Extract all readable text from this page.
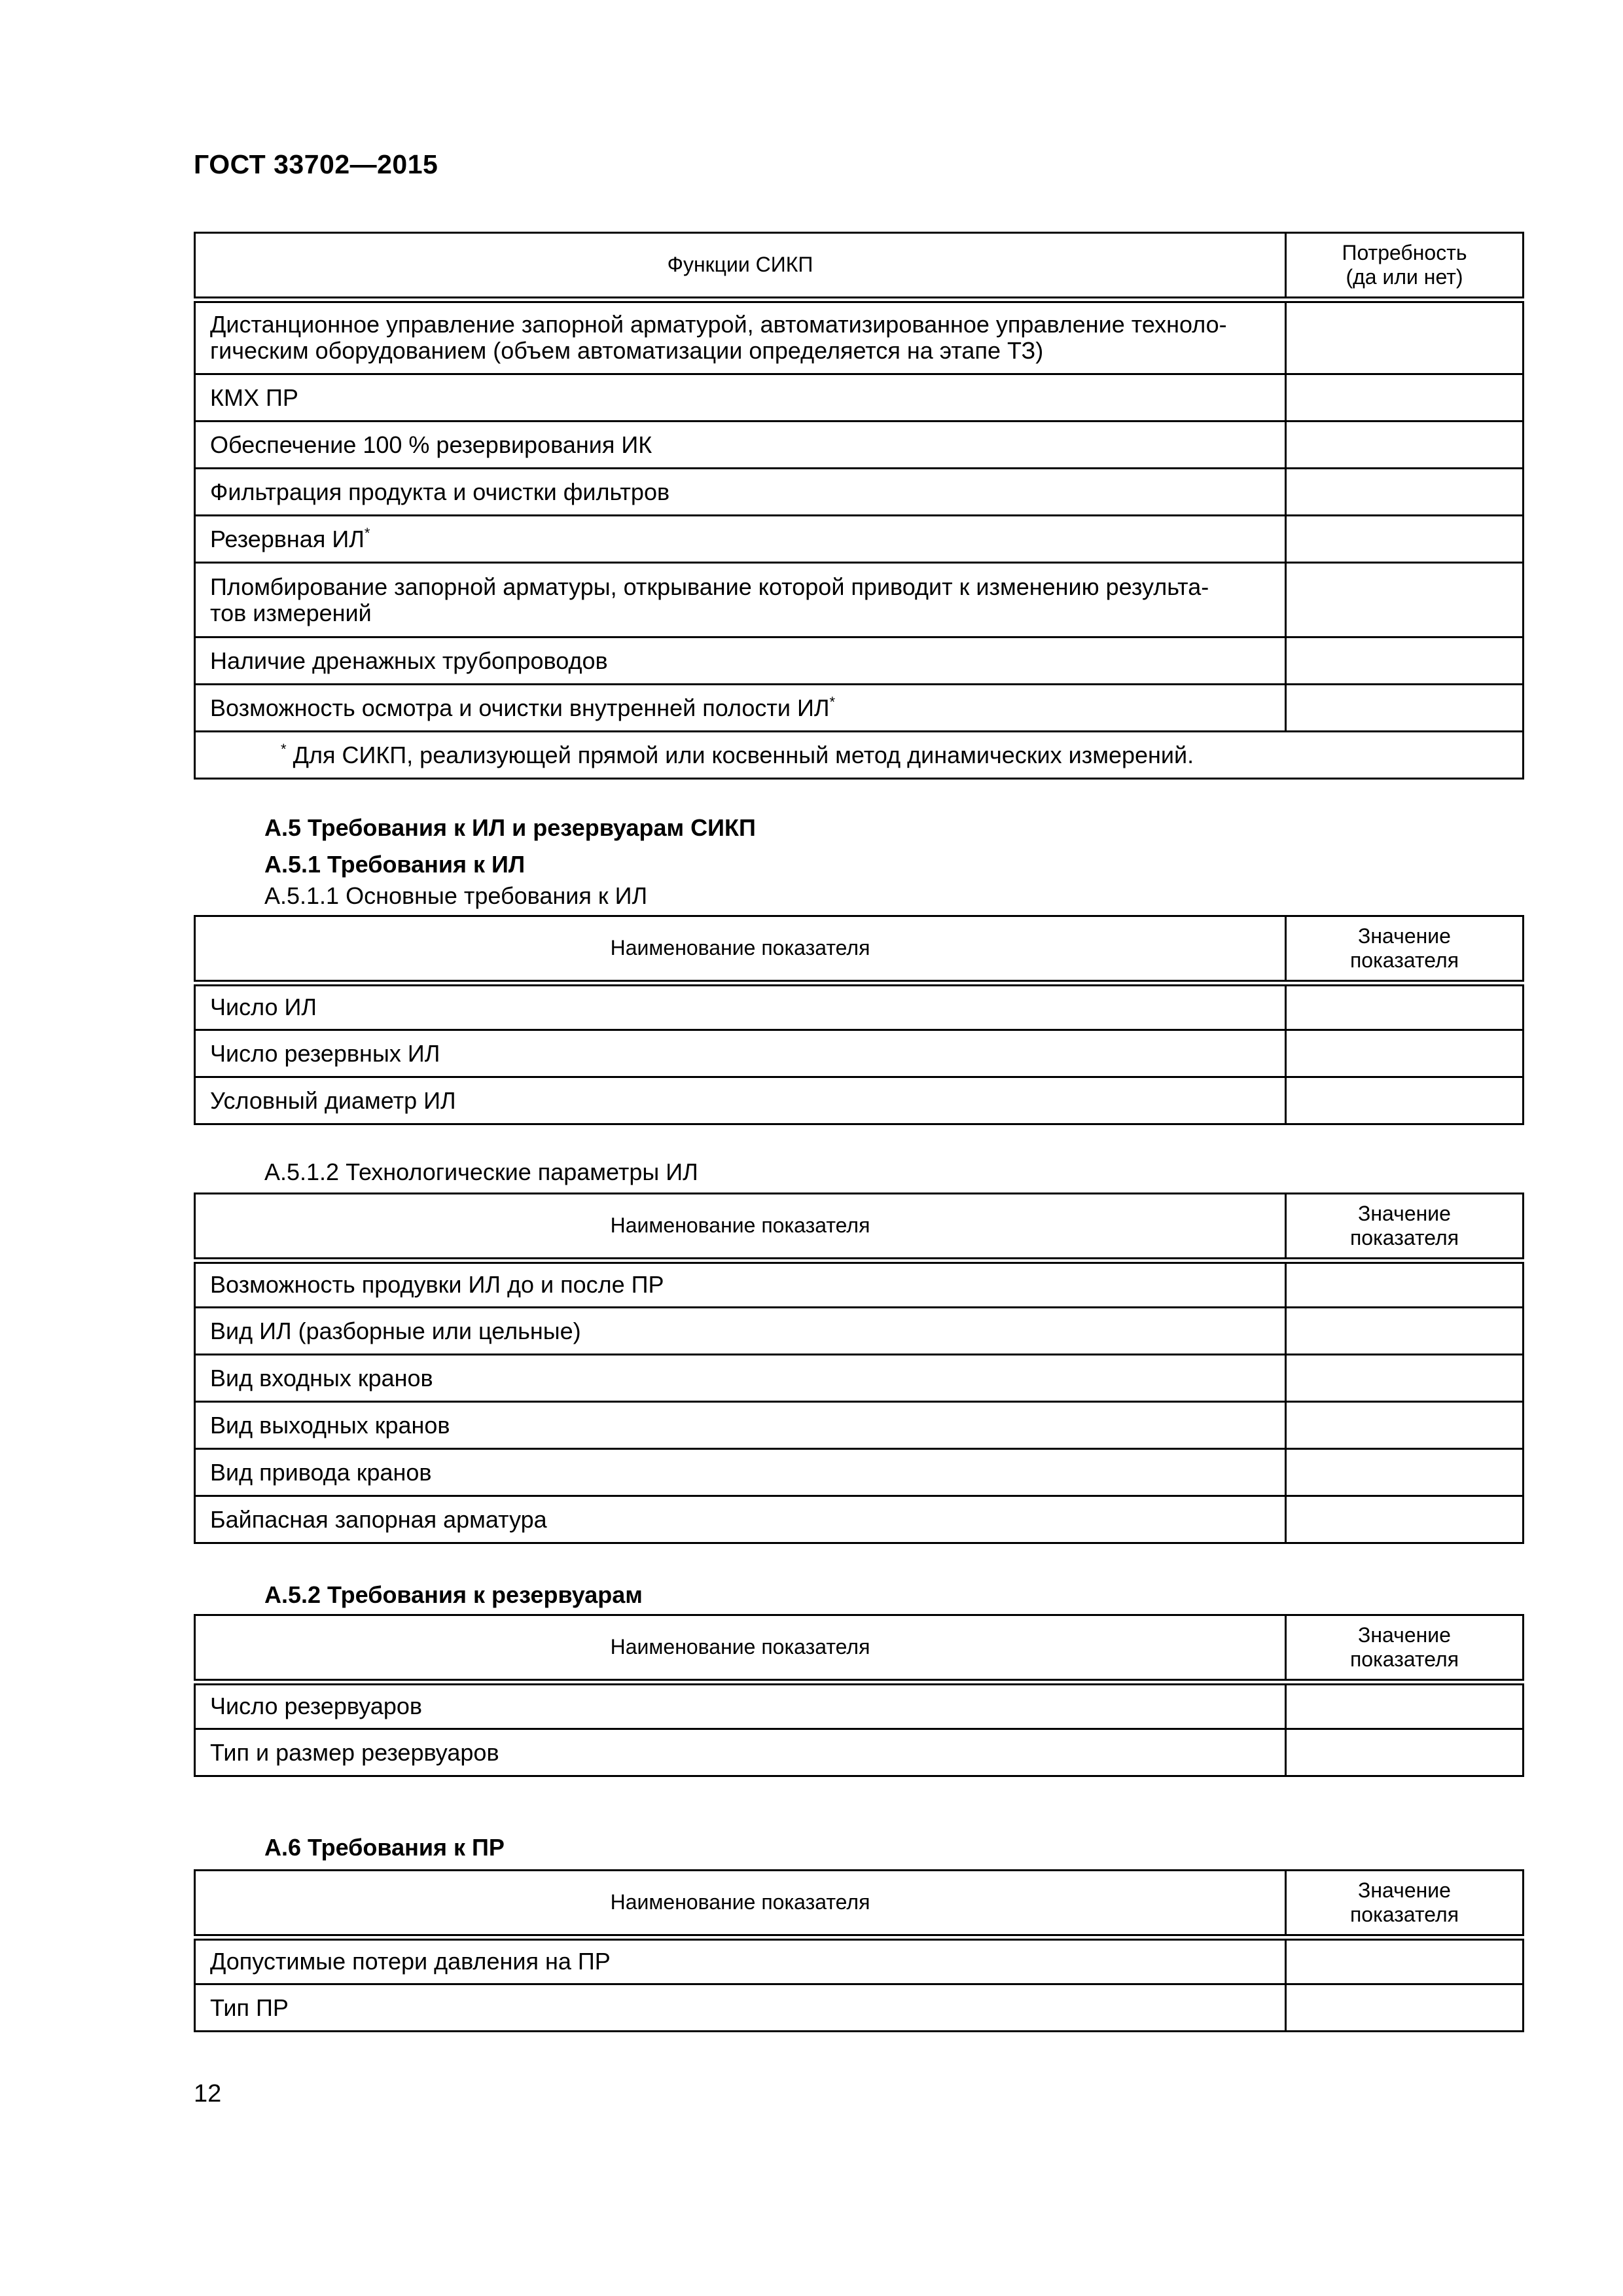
ГОСТ 33702—2015
Функции СИКП	Потребность
(да или нет)
Дистанционное управление запорной арматурой, автоматизированное управление техноло-
гическим оборудованием (объем автоматизации определяется на этапе ТЗ)	
КМХ ПР	
Обеспечение 100 % резервирования ИК	
Фильтрация продукта и очистки фильтров	
Резервная ИЛ*	
Пломбирование запорной арматуры, открывание которой приводит к изменению результа-
тов измерений	
Наличие дренажных трубопроводов	
Возможность осмотра и очистки внутренней полости ИЛ*	
* Для СИКП, реализующей прямой или косвенный метод динамических измерений.	
А.5 Требования к ИЛ и резервуарам СИКП
А.5.1 Требования к ИЛ
А.5.1.1 Основные требования к ИЛ
Наименование показателя	Значение
показателя
Число ИЛ	
Число резервных ИЛ	
Условный диаметр ИЛ	
А.5.1.2 Технологические параметры ИЛ
Наименование показателя	Значение
показателя
Возможность продувки ИЛ до и после ПР	
Вид ИЛ (разборные или цельные)	
Вид входных кранов	
Вид выходных кранов	
Вид привода кранов	
Байпасная запорная арматура	
А.5.2 Требования к резервуарам
Наименование показателя	Значение
показателя
Число резервуаров	
Тип и размер резервуаров	
А.6 Требования к ПР
Наименование показателя	Значение
показателя
Допустимые потери давления на ПР	
Тип ПР	
12
